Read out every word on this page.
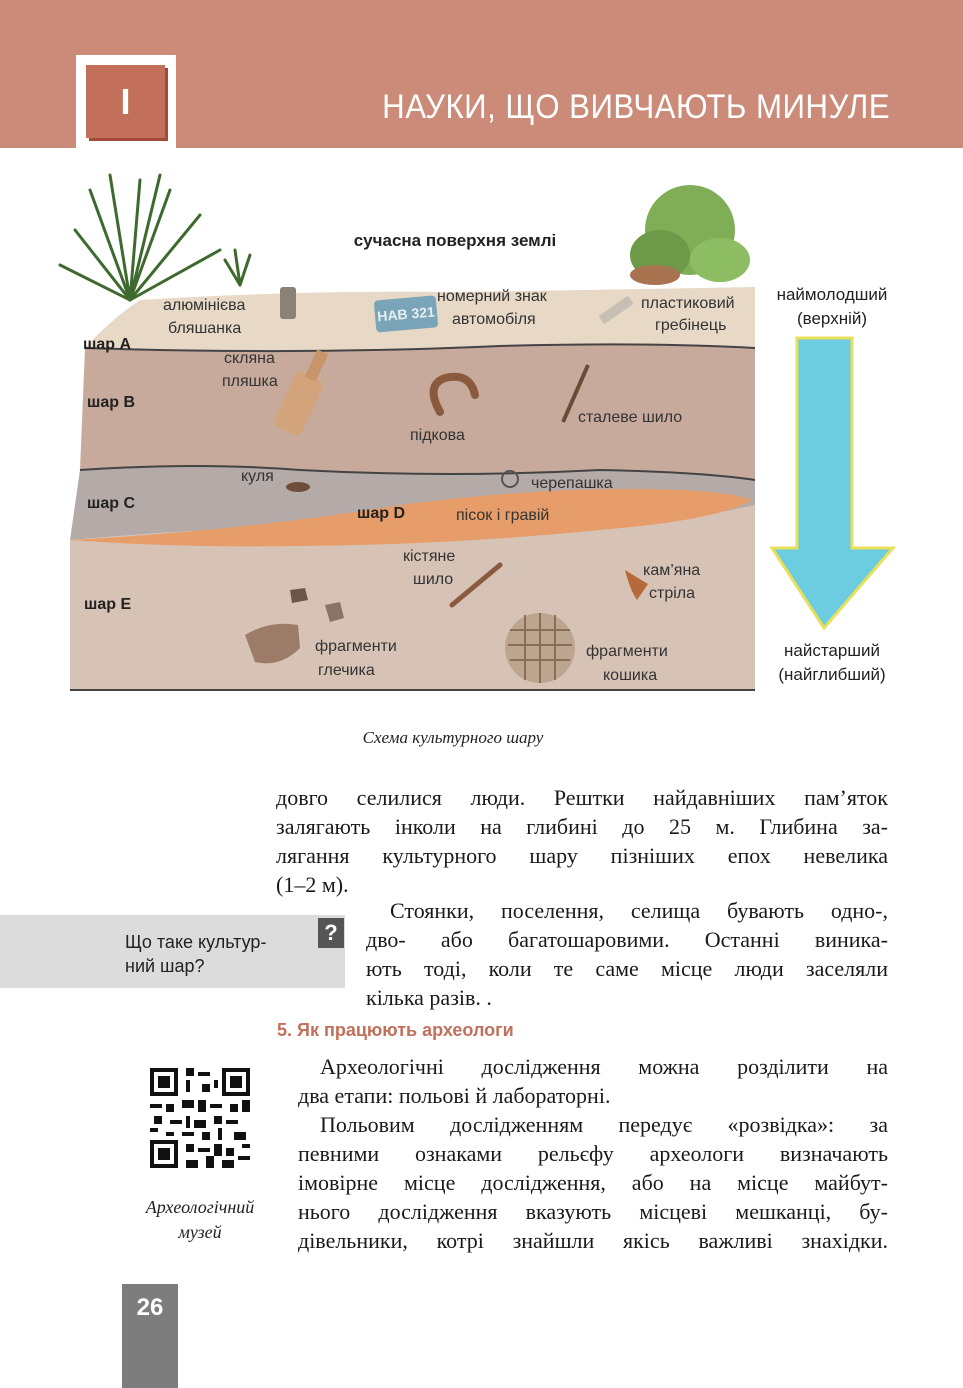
I	НАУКИ, ЩО ВИВЧАЮТЬ МИНУЛЕ
НАВ 321
сучасна поверхня землі
шар A
шар B
шар C
шар D
шар E
алюмінієва
бляшанка
номерний знак
автомобіля
пластиковий
гребінець
скляна
пляшка
підкова
сталеве шило
куля	черепашка
пісок і гравій
кістяне
шило
кам’яна
стріла
фрагменти
глечика
фрагменти
кошика
наймолодший
(верхній)
найстарший
(найглибший)
Схема культурного шару
довго селилися люди. Рештки найдавніших пам’яток
залягають інколи на глибині до 25 м. Глибина за-
лягання культурного шару пізніших епох невелика
(1–2 м).
Що таке культур-
ний шар?
?
Стоянки, поселення, селища бувають одно-,
дво- або багатошаровими. Останні виника-
ють тоді, коли те саме місце люди заселяли
кілька разів. .
5. Як працюють археологи
Археологічний
музей
Археологічні дослідження можна розділити на
два етапи: польові й лабораторні.
Польовим дослідженням передує «розвідка»: за
певними ознаками рельєфу археологи визначають
імовірне місце дослідження, або на місце майбут-
нього дослідження вказують місцеві мешканці, бу-
дівельники, котрі знайшли якісь важливі знахідки.
26
